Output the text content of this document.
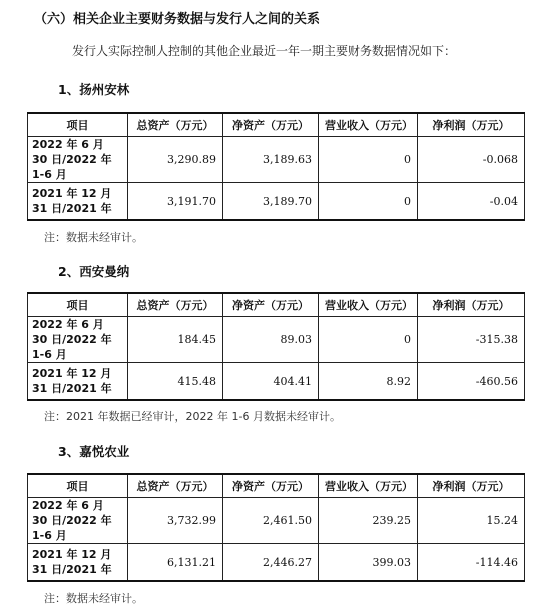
（六）相关企业主要财务数据与发行人之间的关系
发行人实际控制人控制的其他企业最近一年一期主要财务数据情况如下：
1、扬州安林
项目	总资产（万元）	净资产（万元）	营业收入（万元）	净利润（万元）
2022 年 6 月 30 日/2022 年 1-6 月	3,290.89	3,189.63	0	-0.068
2021 年 12 月 31 日/2021 年	3,191.70	3,189.70	0	-0.04
注：数据未经审计。
2、西安曼纳
项目	总资产（万元）	净资产（万元）	营业收入（万元）	净利润（万元）
2022 年 6 月 30 日/2022 年 1-6 月	184.45	89.03	0	-315.38
2021 年 12 月 31 日/2021 年	415.48	404.41	8.92	-460.56
注：2021 年数据已经审计，2022 年 1-6 月数据未经审计。
3、嘉悦农业
项目	总资产（万元）	净资产（万元）	营业收入（万元）	净利润（万元）
2022 年 6 月 30 日/2022 年 1-6 月	3,732.99	2,461.50	239.25	15.24
2021 年 12 月 31 日/2021 年	6,131.21	2,446.27	399.03	-114.46
注：数据未经审计。
